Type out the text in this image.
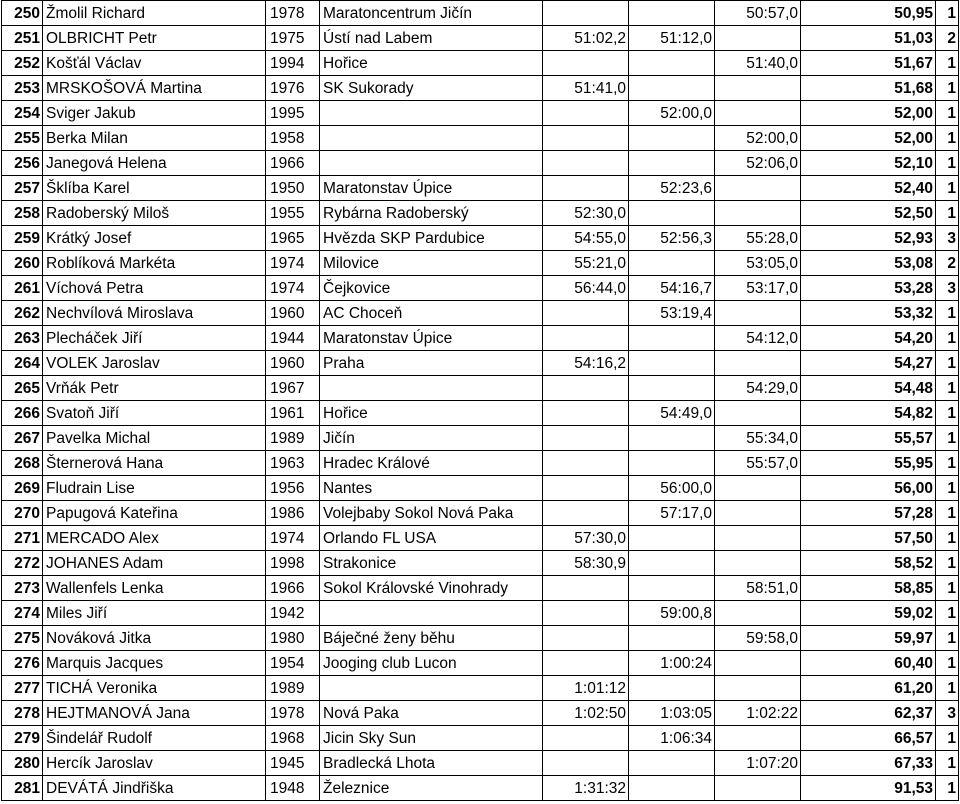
250	Žmolil Richard	1978	Maratoncentrum Jičín			50:57,0	50,95	1
251	OLBRICHT Petr	1975	Ústí nad Labem	51:02,2	51:12,0		51,03	2
252	Košťál Václav	1994	Hořice			51:40,0	51,67	1
253	MRSKOŠOVÁ Martina	1976	SK Sukorady	51:41,0			51,68	1
254	Sviger Jakub	1995			52:00,0		52,00	1
255	Berka Milan	1958				52:00,0	52,00	1
256	Janegová Helena	1966				52:06,0	52,10	1
257	Šklíba Karel	1950	Maratonstav Úpice		52:23,6		52,40	1
258	Radoberský Miloš	1955	Rybárna Radoberský	52:30,0			52,50	1
259	Krátký Josef	1965	Hvězda SKP Pardubice	54:55,0	52:56,3	55:28,0	52,93	3
260	Roblíková Markéta	1974	Milovice	55:21,0		53:05,0	53,08	2
261	Víchová Petra	1974	Čejkovice	56:44,0	54:16,7	53:17,0	53,28	3
262	Nechvílová Miroslava	1960	AC Choceň		53:19,4		53,32	1
263	Plecháček Jiří	1944	Maratonstav Úpice			54:12,0	54,20	1
264	VOLEK Jaroslav	1960	Praha	54:16,2			54,27	1
265	Vrňák Petr	1967				54:29,0	54,48	1
266	Svatoň Jiří	1961	Hořice		54:49,0		54,82	1
267	Pavelka Michal	1989	Jičín			55:34,0	55,57	1
268	Šternerová Hana	1963	Hradec Králové			55:57,0	55,95	1
269	Fludrain Lise	1956	Nantes		56:00,0		56,00	1
270	Papugová Kateřina	1986	Volejbaby Sokol Nová Paka		57:17,0		57,28	1
271	MERCADO Alex	1974	Orlando FL USA	57:30,0			57,50	1
272	JOHANES Adam	1998	Strakonice	58:30,9			58,52	1
273	Wallenfels Lenka	1966	Sokol Královské Vinohrady			58:51,0	58,85	1
274	Miles Jiří	1942			59:00,8		59,02	1
275	Nováková Jitka	1980	Báječné ženy běhu			59:58,0	59,97	1
276	Marquis Jacques	1954	Jooging club Lucon		1:00:24		60,40	1
277	TICHÁ Veronika	1989		1:01:12			61,20	1
278	HEJTMANOVÁ Jana	1978	Nová Paka	1:02:50	1:03:05	1:02:22	62,37	3
279	Šindelář Rudolf	1968	Jicin Sky Sun		1:06:34		66,57	1
280	Hercík Jaroslav	1945	Bradlecká Lhota			1:07:20	67,33	1
281	DEVÁTÁ Jindřiška	1948	Železnice	1:31:32			91,53	1
